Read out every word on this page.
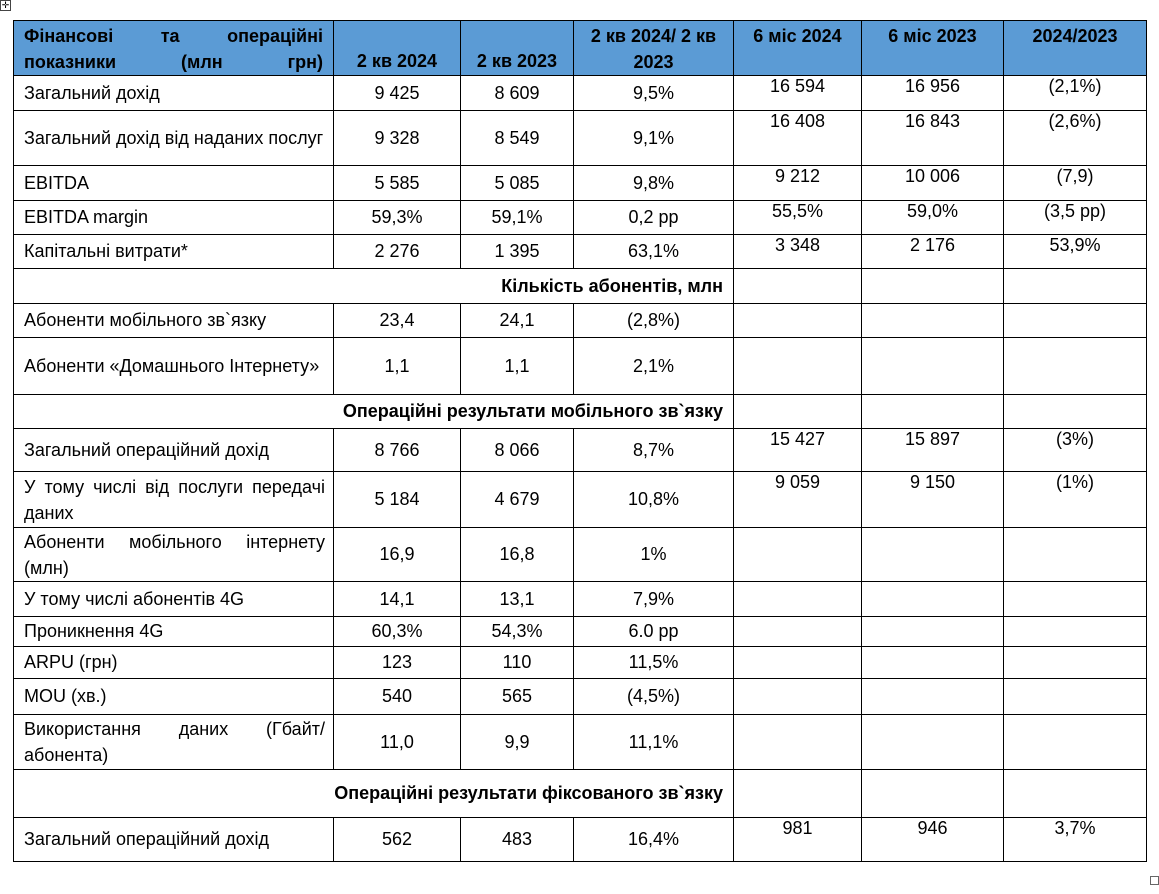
✛
Фінансові та операційні показники (млн грн)	2 кв 2024	2 кв 2023	2 кв 2024/ 2 кв 2023	6 міс 2024	6 міс 2023	2024/2023
Загальний дохід	9 425	8 609	9,5%	16 594	16 956	(2,1%)
Загальний дохід від наданих послуг	9 328	8 549	9,1%	16 408	16 843	(2,6%)
EBITDA	5 585	5 085	9,8%	9 212	10 006	(7,9)
EBITDA margin	59,3%	59,1%	0,2 pp	55,5%	59,0%	(3,5 pp)
Капітальні витрати*	2 276	1 395	63,1%	3 348	2 176	53,9%
Кількість абонентів, млн						
Абоненти мобільного зв`язку	23,4	24,1	(2,8%)			
Абоненти «Домашнього Інтернету»	1,1	1,1	2,1%			
Операційні результати мобільного зв`язку						
Загальний операційний дохід	8 766	8 066	8,7%	15 427	15 897	(3%)
У тому числі від послуги передачі даних	5 184	4 679	10,8%	9 059	9 150	(1%)
Абоненти мобільного інтернету (млн)	16,9	16,8	1%			
У тому числі абонентів 4G	14,1	13,1	7,9%			
Проникнення 4G	60,3%	54,3%	6.0 pp			
ARPU (грн)	123	110	11,5%			
MOU (хв.)	540	565	(4,5%)			
Використання даних (Гбайт/абонента)	11,0	9,9	11,1%			
Операційні результати фіксованого зв`язку						
Загальний операційний дохід	562	483	16,4%	981	946	3,7%
